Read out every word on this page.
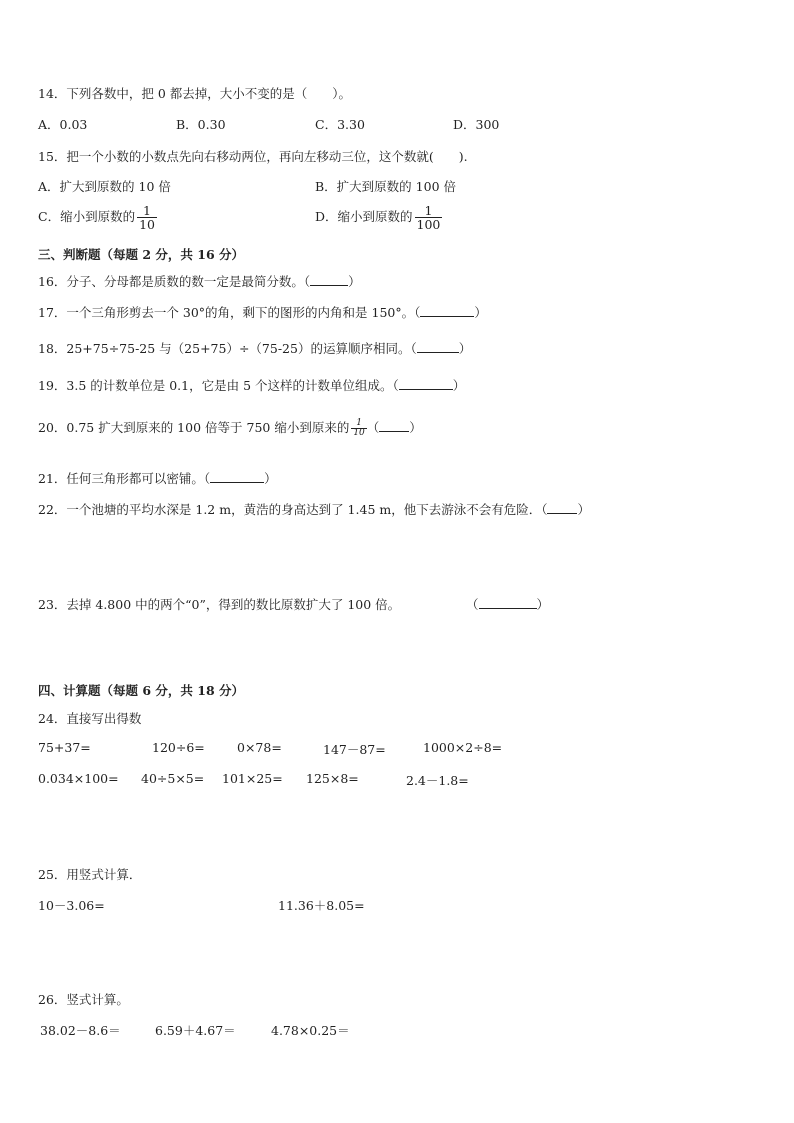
14．下列各数中，把 0 都去掉，大小不变的是（　　）。
A．0.03	B．0.30	C．3.30	D．300
15．把一个小数的小数点先向右移动两位，再向左移动三位，这个数就(　　).
A．扩大到原数的 10 倍	B．扩大到原数的 100 倍
C．缩小到原数的 $\frac{1}{10}$	D．缩小到原数的 $\frac{1}{100}$
三、判断题（每题 2 分，共 16 分）
16．分子、分母都是质数的数一定是最简分数。（	）
17．一个三角形剪去一个 30°的角，剩下的图形的内角和是 150°。（	）
18．25+75÷75-25 与（25+75）÷（75-25）的运算顺序相同。（	）
19．3.5 的计数单位是 0.1，它是由 5 个这样的计数单位组成。（	）
20．0.75 扩大到原来的 100 倍等于 750 缩小到原来的 $\frac{1}{10}$ （ ）
21．任何三角形都可以密铺。（	）
22．一个池塘的平均水深是 1.2 m，黄浩的身高达到了 1.45 m，他下去游泳不会有危险．（ ）
23．去掉 4.800 中的两个“0”，得到的数比原数扩大了 100 倍。	（	）
四、计算题（每题 6 分，共 18 分）
24．直接写出得数
75+37=	120÷6=	0×78=	147－87=	1000×2÷8=
0.034×100= 40÷5×5= 101×25= 125×8=	2.4－1.8=
25．用竖式计算．
10－3.06=	11.36＋8.05=
26．竖式计算。
38.02－8.6＝	6.59＋4.67＝	4.78×0.25＝
